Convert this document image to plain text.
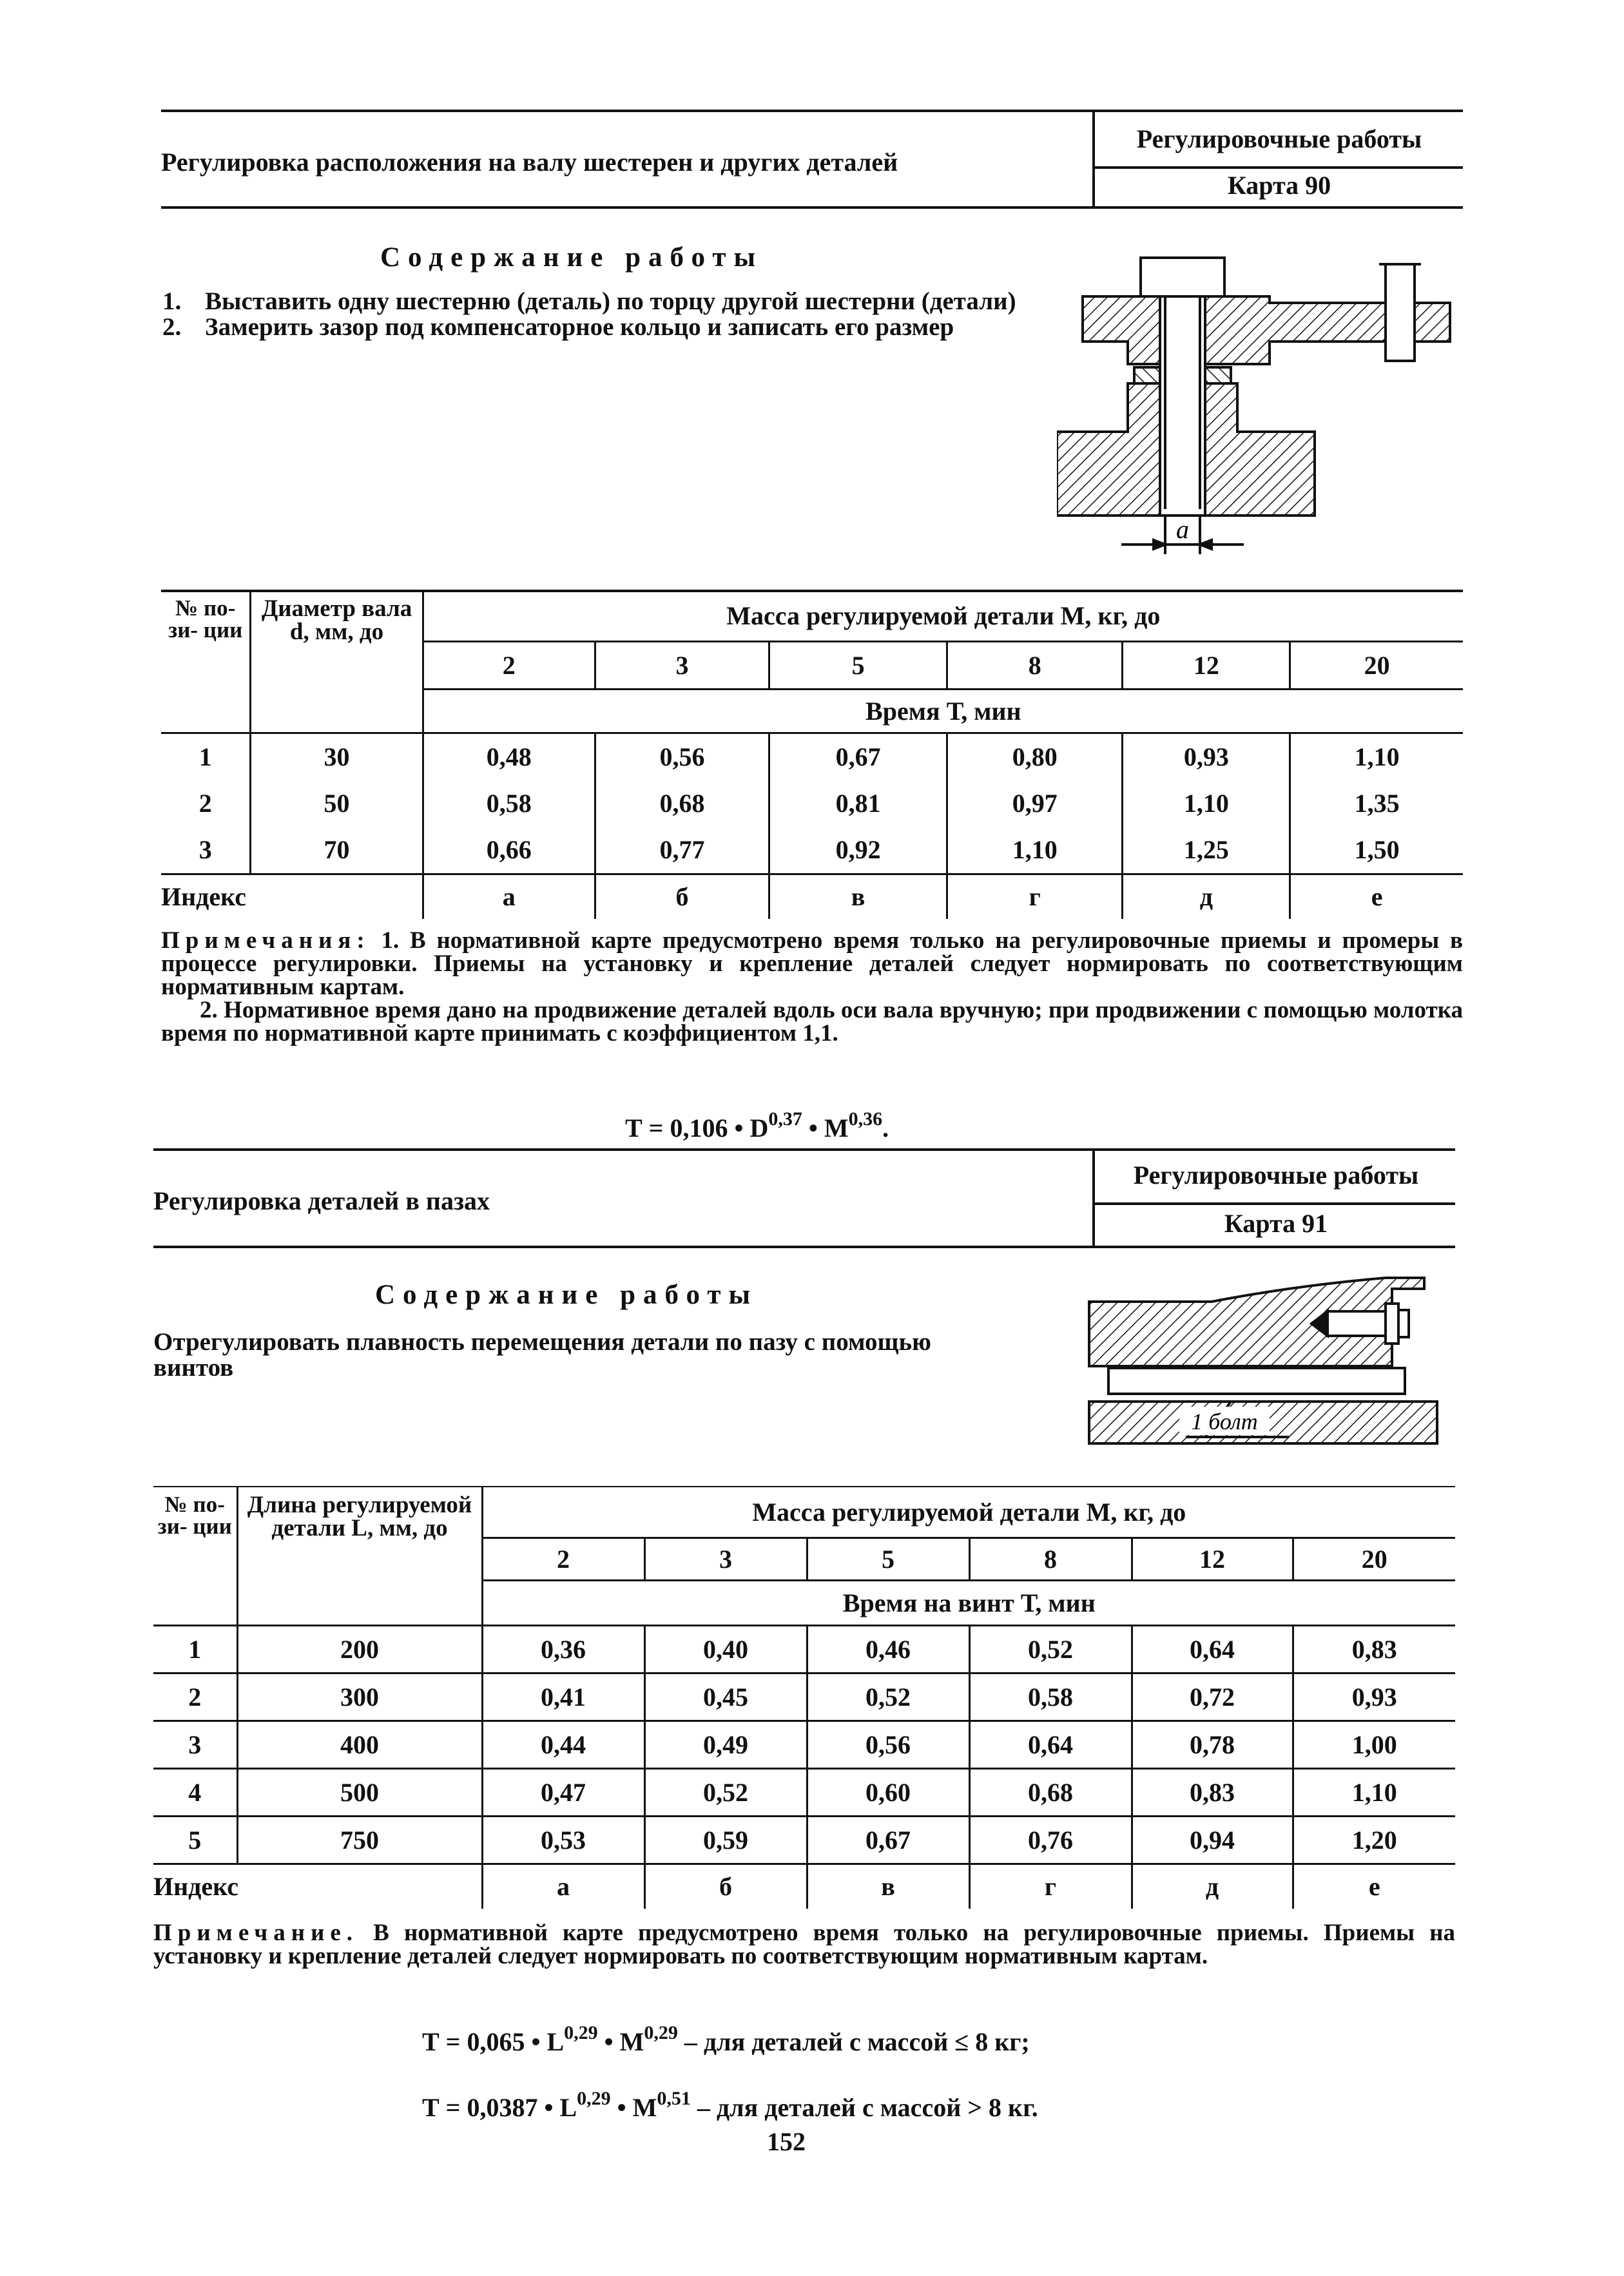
Регулировка расположения на валу шестерен и других деталей
Регулировочные работы
Карта 90
Содержание работы
1. Выставить одну шестерню (деталь) по торцу другой шестерни (детали)
2. Замерить зазор под компенсаторное кольцо и записать его размер
a
№ по- зи- ции	Диаметр вала d, мм, до	Масса регулируемой детали М, кг, до					
		2	3	5	8	12	20
		Время Т, мин					
1	30	0,48	0,56	0,67	0,80	0,93	1,10
2	50	0,58	0,68	0,81	0,97	1,10	1,35
3	70	0,66	0,77	0,92	1,10	1,25	1,50
Индекс		а	б	в	г	д	е
Примечания: 1. В нормативной карте предусмотрено время только на регулировочные приемы и промеры в процессе регулировки. Приемы на установку и крепление деталей следует нормировать по соответствующим нормативным картам.
2. Нормативное время дано на продвижение деталей вдоль оси вала вручную; при продвижении с помощью молотка время по нормативной карте принимать с коэффициентом 1,1.
Т = 0,106 • D$^{0,37}$ • M$^{0,36}$.
Регулировка деталей в пазах
Регулировочные работы
Карта 91
Содержание работы
Отрегулировать плавность перемещения детали по пазу с помощью винтов
1 болт
№ по- зи- ции	Длина регулируемой детали L, мм, до	Масса регулируемой детали М, кг, до					
		2	3	5	8	12	20
		Время на винт Т, мин					
1	200	0,36	0,40	0,46	0,52	0,64	0,83
2	300	0,41	0,45	0,52	0,58	0,72	0,93
3	400	0,44	0,49	0,56	0,64	0,78	1,00
4	500	0,47	0,52	0,60	0,68	0,83	1,10
5	750	0,53	0,59	0,67	0,76	0,94	1,20
Индекс		а	б	в	г	д	е
Примечание. В нормативной карте предусмотрено время только на регулировочные приемы. Приемы на установку и крепление деталей следует нормировать по соответствующим нормативным картам.
Т = 0,065 • L$^{0,29}$ • M$^{0,29}$ – для деталей с массой ≤ 8 кг;
Т = 0,0387 • L$^{0,29}$ • M$^{0,51}$ – для деталей с массой > 8 кг.
152
